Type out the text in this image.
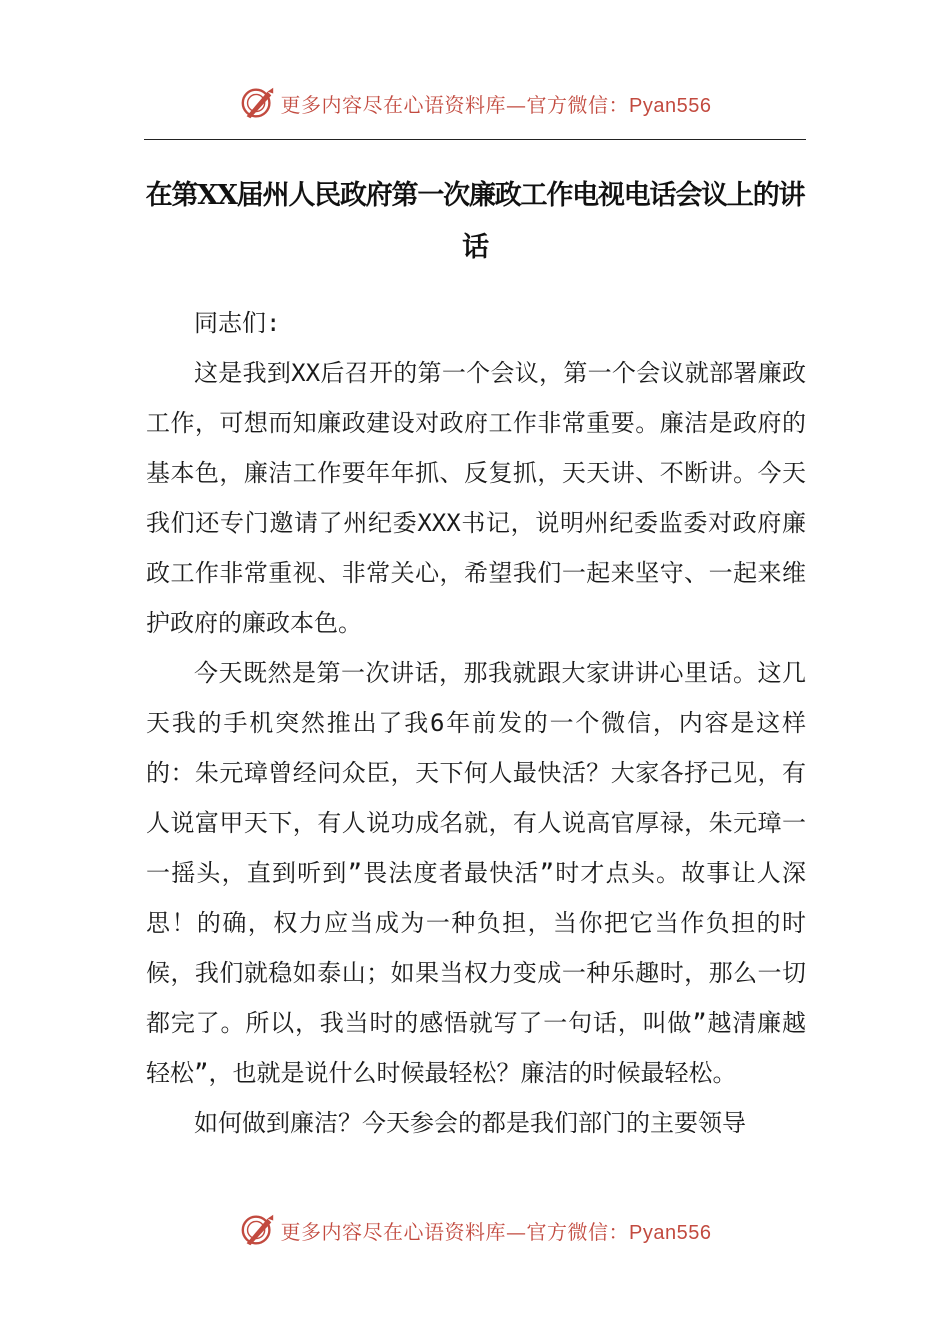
更多内容尽在心语资料库—官方微信：Pyan556
在第XX届州人民政府第一次廉政工作电视电话会议上的讲话

同志们:

这是我到XX后召开的第一个会议，第一个会议就部署廉政工作，可想而知廉政建设对政府工作非常重要。廉洁是政府的基本色，廉洁工作要年年抓、反复抓，天天讲、不断讲。今天我们还专门邀请了州纪委XXX书记，说明州纪委监委对政府廉政工作非常重视、非常关心，希望我们一起来坚守、一起来维护政府的廉政本色。

今天既然是第一次讲话，那我就跟大家讲讲心里话。这几天我的手机突然推出了我6年前发的一个微信，内容是这样的：朱元璋曾经问众臣，天下何人最快活？大家各抒己见，有人说富甲天下，有人说功成名就，有人说高官厚禄，朱元璋一一摇头，直到听到”畏法度者最快活”时才点头。故事让人深思！的确，权力应当成为一种负担，当你把它当作负担的时候，我们就稳如泰山；如果当权力变成一种乐趣时，那么一切都完了。所以，我当时的感悟就写了一句话，叫做”越清廉越轻松”，也就是说什么时候最轻松？廉洁的时候最轻松。

如何做到廉洁？今天参会的都是我们部门的主要领导

更多内容尽在心语资料库—官方微信：Pyan556
